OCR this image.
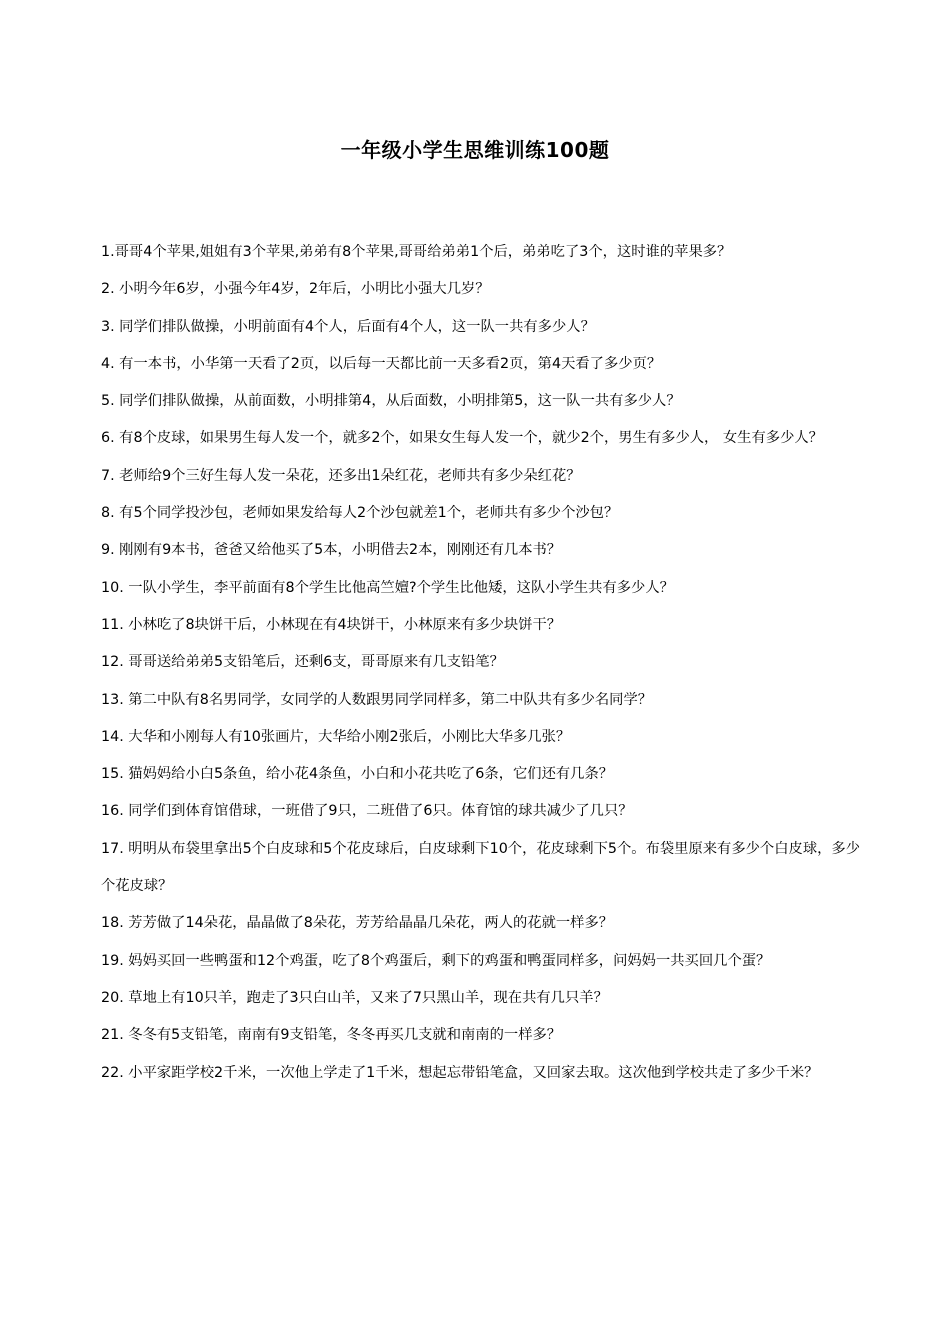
一年级小学生思维训练100题
1.哥哥4个苹果,姐姐有3个苹果,弟弟有8个苹果,哥哥给弟弟1个后，弟弟吃了3个，这时谁的苹果多？
2. 小明今年6岁，小强今年4岁，2年后，小明比小强大几岁？
3. 同学们排队做操，小明前面有4个人，后面有4个人，这一队一共有多少人？
4. 有一本书，小华第一天看了2页，以后每一天都比前一天多看2页，第4天看了多少页？
5. 同学们排队做操，从前面数，小明排第4，从后面数，小明排第5，这一队一共有多少人？
6. 有8个皮球，如果男生每人发一个，就多2个，如果女生每人发一个，就少2个，男生有多少人， 女生有多少人？
7. 老师给9个三好生每人发一朵花，还多出1朵红花，老师共有多少朵红花？
8. 有5个同学投沙包，老师如果发给每人2个沙包就差1个，老师共有多少个沙包？
9. 刚刚有9本书，爸爸又给他买了5本，小明借去2本，刚刚还有几本书？
10. 一队小学生，李平前面有8个学生比他高竺嬗?个学生比他矮，这队小学生共有多少人？
11. 小林吃了8块饼干后，小林现在有4块饼干，小林原来有多少块饼干？
12. 哥哥送给弟弟5支铅笔后，还剩6支，哥哥原来有几支铅笔？
13. 第二中队有8名男同学，女同学的人数跟男同学同样多，第二中队共有多少名同学？
14. 大华和小刚每人有10张画片，大华给小刚2张后，小刚比大华多几张？
15. 猫妈妈给小白5条鱼，给小花4条鱼，小白和小花共吃了6条，它们还有几条？
16. 同学们到体育馆借球，一班借了9只，二班借了6只。体育馆的球共减少了几只？
17. 明明从布袋里拿出5个白皮球和5个花皮球后，白皮球剩下10个，花皮球剩下5个。布袋里原来有多少个白皮球，多少个花皮球？
18. 芳芳做了14朵花，晶晶做了8朵花，芳芳给晶晶几朵花，两人的花就一样多？
19. 妈妈买回一些鸭蛋和12个鸡蛋，吃了8个鸡蛋后，剩下的鸡蛋和鸭蛋同样多，问妈妈一共买回几个蛋？
20. 草地上有10只羊，跑走了3只白山羊，又来了7只黑山羊，现在共有几只羊？
21. 冬冬有5支铅笔，南南有9支铅笔，冬冬再买几支就和南南的一样多？
22. 小平家距学校2千米，一次他上学走了1千米，想起忘带铅笔盒，又回家去取。这次他到学校共走了多少千米？
